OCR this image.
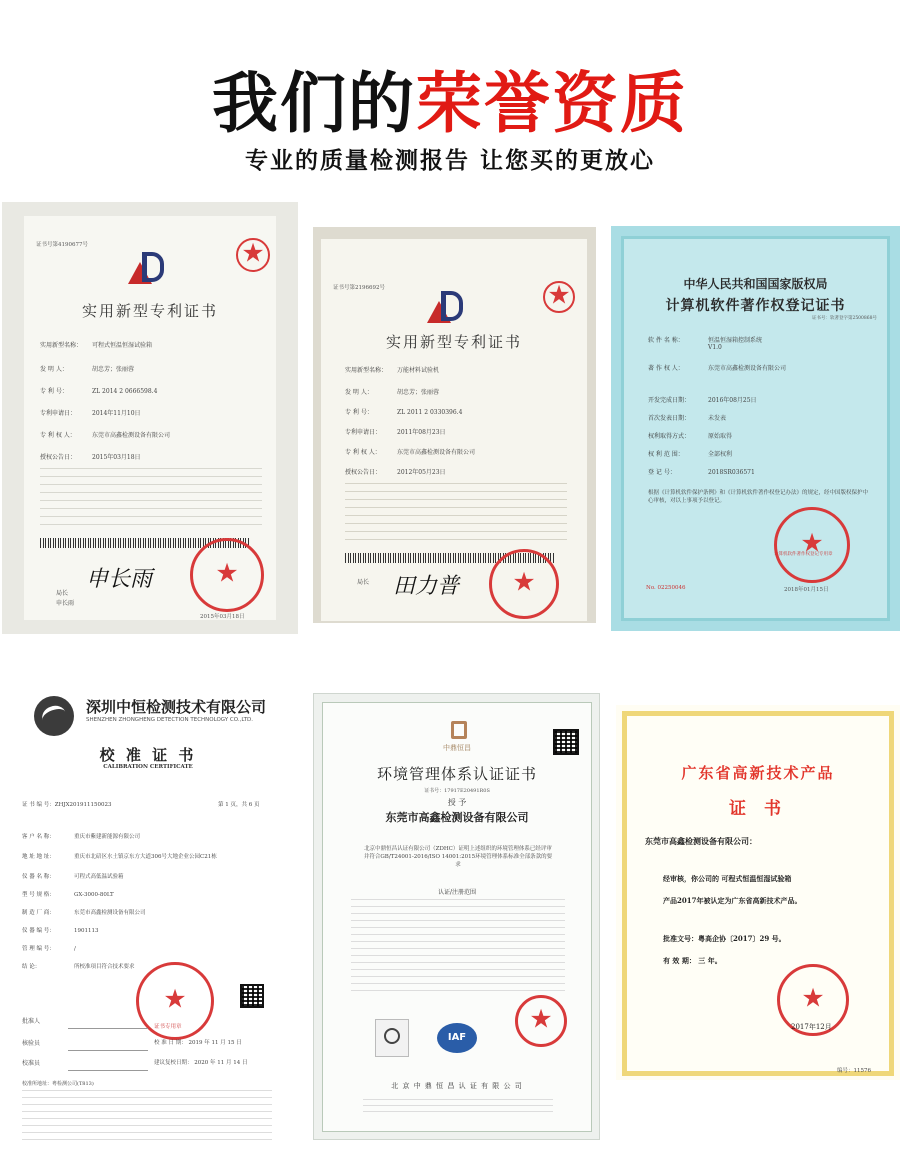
我们的荣誉资质
专业的质量检测报告 让您买的更放心
证书号第4190677号
★
实用新型专利证书
实用新型名称： 可程式恒温恒湿试验箱
发 明 人：	胡忠芳；张丽蓉
专 利 号：	ZL 2014 2 0666598.4
专利申请日：	2014年11月10日
专 利 权 人：	东莞市高鑫检测设备有限公司
授权公告日：	2015年03月18日
申长雨
局长
申长雨
★
2015年03月18日
证书号第2196692号
★
实用新型专利证书
实用新型名称： 万能材料试验机
发 明 人：	胡忠芳；张丽蓉
专 利 号：	ZL 2011 2 0330396.4
专利申请日：	2011年08月23日
专 利 权 人：	东莞市高鑫检测设备有限公司
授权公告日：	2012年05月23日
局长 田力普
★
中华人民共和国国家版权局
计算机软件著作权登记证书
证书号：软著登字第2500868号
软 件 名 称：	恒温恒湿箱控制系统
V1.0
著 作 权 人：	东莞市高鑫检测设备有限公司
开发完成日期：	2016年08月25日
首次发表日期：	未发表
权利取得方式：	原始取得
权 利 范 围：	全部权利
登 记 号：	2018SR036571
根据《计算机软件保护条例》和《计算机软件著作权登记办法》的规定，经中国版权保护中心审核，对以上事项予以登记。
★
计算机软件著作权登记专用章
No. 02250046	2018年01月15日
深圳中恒检测技术有限公司
SHENZHEN ZHONGHENG DETECTION TECHNOLOGY CO.,LTD.
校 准 证 书
CALIBRATION CERTIFICATE
证 书 编 号：ZHJX201911150023	第 1 页，共 6 页
客 户 名 称：	重庆市紫建新能源有限公司
地 址 地 址：	重庆市北碚区水土镇京东方大道306号大地企业公园C21栋
仪 器 名 称：	可程式高低温试验箱
型 号 规 格：	GX-3000-80LT
制 造 厂 商：	东莞市高鑫检测设备有限公司
仪 器 编 号：	1901113
管 理 编 号：	/
结 论：	所校准项目符合技术要求
★
证书专用章
批准人
核验员
校准员
校 准 日 期： 2019 年 11 月 15 日
建议复校日期： 2020 年 11 月 14 日
校准所地址：粤检测公司(T813)
中鼎恒昌
环境管理体系认证证书
证书号：17917E20491R0S
授 予
东莞市高鑫检测设备有限公司
北京中鼎恒昌认证有限公司（ZDHC）证明上述组织的环境管理体系已经评审并符合GB/T24001-2016/ISO 14001:2015环境管理体系标准全部条款的要求
认证/注册范围
★
IAF
北 京 中 鼎 恒 昌 认 证 有 限 公 司
广东省高新技术产品
证 书
东莞市高鑫检测设备有限公司：
经审核，你公司的 可程式恒温恒湿试验箱
产品2017年被认定为广东省高新技术产品。
批准文号：粤高企协〔2017〕29 号。
有 效 期： 三 年。
★
2017年12月
编号：11576
